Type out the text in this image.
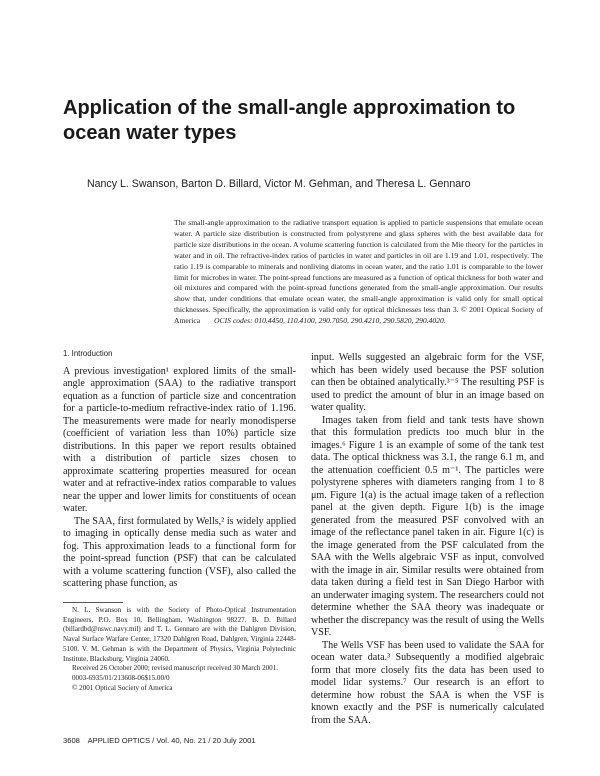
Application of the small-angle approximation to ocean water types
Nancy L. Swanson, Barton D. Billard, Victor M. Gehman, and Theresa L. Gennaro
The small-angle approximation to the radiative transport equation is applied to particle suspensions that emulate ocean water. A particle size distribution is constructed from polystyrene and glass spheres with the best available data for particle size distributions in the ocean. A volume scattering function is calculated from the Mie theory for the particles in water and in oil. The refractive-index ratios of particles in water and particles in oil are 1.19 and 1.01, respectively. The ratio 1.19 is comparable to minerals and nonliving diatoms in ocean water, and the ratio 1.01 is comparable to the lower limit for microbes in water. The point-spread functions are measured as a function of optical thickness for both water and oil mixtures and compared with the point-spread functions generated from the small-angle approximation. Our results show that, under conditions that emulate ocean water, the small-angle approximation is valid only for small optical thicknesses. Specifically, the approximation is valid only for optical thicknesses less than 3. © 2001 Optical Society of America OCIS codes: 010.4450, 110.4100, 290.7050, 290.4210, 290.5820, 290.4020.
1. Introduction

A previous investigation¹ explored limits of the small-angle approximation (SAA) to the radiative transport equation as a function of particle size and concentration for a particle-to-medium refractive-index ratio of 1.196. The measurements were made for nearly monodisperse (coefficient of variation less than 10%) particle size distributions. In this paper we report results obtained with a distribution of particle sizes chosen to approximate scattering properties measured for ocean water and at refractive-index ratios comparable to values near the upper and lower limits for constituents of ocean water.

The SAA, first formulated by Wells,² is widely applied to imaging in optically dense media such as water and fog. This approximation leads to a functional form for the point-spread function (PSF) that can be calculated with a volume scattering function (VSF), also called the scattering phase function, as

input. Wells suggested an algebraic form for the VSF, which has been widely used because the PSF solution can then be obtained analytically.³⁻⁵ The resulting PSF is used to predict the amount of blur in an image based on water quality.

Images taken from field and tank tests have shown that this formulation predicts too much blur in the images.⁶ Figure 1 is an example of some of the tank test data. The optical thickness was 3.1, the range 6.1 m, and the attenuation coefficient 0.5 m⁻¹. The particles were polystyrene spheres with diameters ranging from 1 to 8 μm. Figure 1(a) is the actual image taken of a reflection panel at the given depth. Figure 1(b) is the image generated from the measured PSF convolved with an image of the reflectance panel taken in air. Figure 1(c) is the image generated from the PSF calculated from the SAA with the Wells algebraic VSF as input, convolved with the image in air. Similar results were obtained from data taken during a field test in San Diego Harbor with an underwater imaging system. The researchers could not determine whether the SAA theory was inadequate or whether the discrepancy was the result of using the Wells VSF.

The Wells VSF has been used to validate the SAA for ocean water data.³ Subsequently a modified algebraic form that more closely fits the data has been used to model lidar systems.⁷ Our research is an effort to determine how robust the SAA is when the VSF is known exactly and the PSF is numerically calculated from the SAA.

N. L. Swanson is with the Society of Photo-Optical Instrumentation Engineers, P.O. Box 10, Bellingham, Washington 98227. B. D. Billard (billardbd@nswc.navy.mil) and T. L. Gennaro are with the Dahlgren Division, Naval Surface Warfare Center, 17320 Dahlgren Road, Dahlgren, Virginia 22448-5100. V. M. Gehman is with the Department of Physics, Virginia Polytechnic Institute, Blacksburg, Virginia 24060.

Received 26 October 2000; revised manuscript received 30 March 2001.

0003-6935/01/213608-06$15.00/0

© 2001 Optical Society of America

3608 APPLIED OPTICS / Vol. 40, No. 21 / 20 July 2001
